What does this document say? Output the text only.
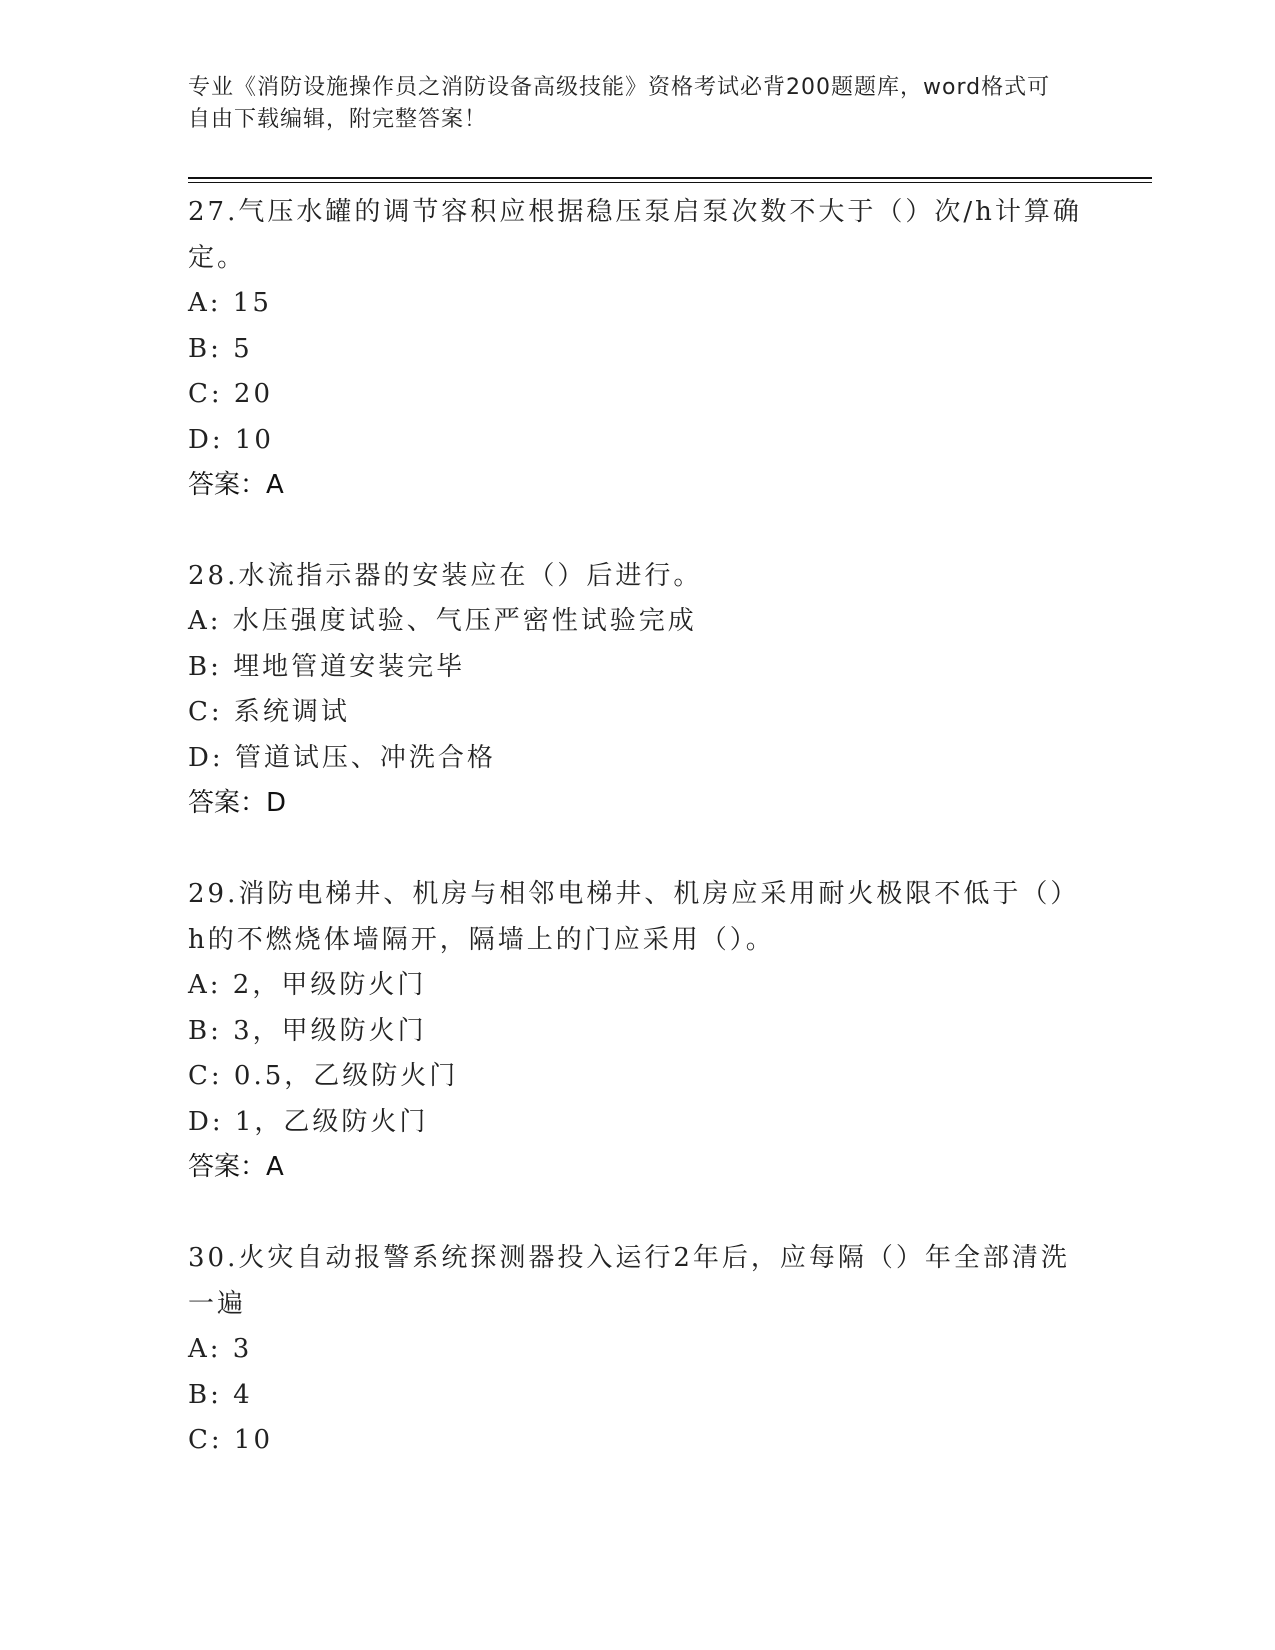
专业《消防设施操作员之消防设备高级技能》资格考试必背200题题库，word格式可自由下载编辑，附完整答案！

27.气压水罐的调节容积应根据稳压泵启泵次数不大于（）次/h计算确定。

A: 15

B: 5

C: 20

D: 10

答案：A

28.水流指示器的安装应在（）后进行。

A: 水压强度试验、气压严密性试验完成

B: 埋地管道安装完毕

C: 系统调试

D: 管道试压、冲洗合格

答案：D

29.消防电梯井、机房与相邻电梯井、机房应采用耐火极限不低于（）h的不燃烧体墙隔开，隔墙上的门应采用（）。

A: 2，甲级防火门

B: 3，甲级防火门

C: 0.5，乙级防火门

D: 1，乙级防火门

答案：A

30.火灾自动报警系统探测器投入运行2年后，应每隔（）年全部清洗一遍

A: 3

B: 4

C: 10
